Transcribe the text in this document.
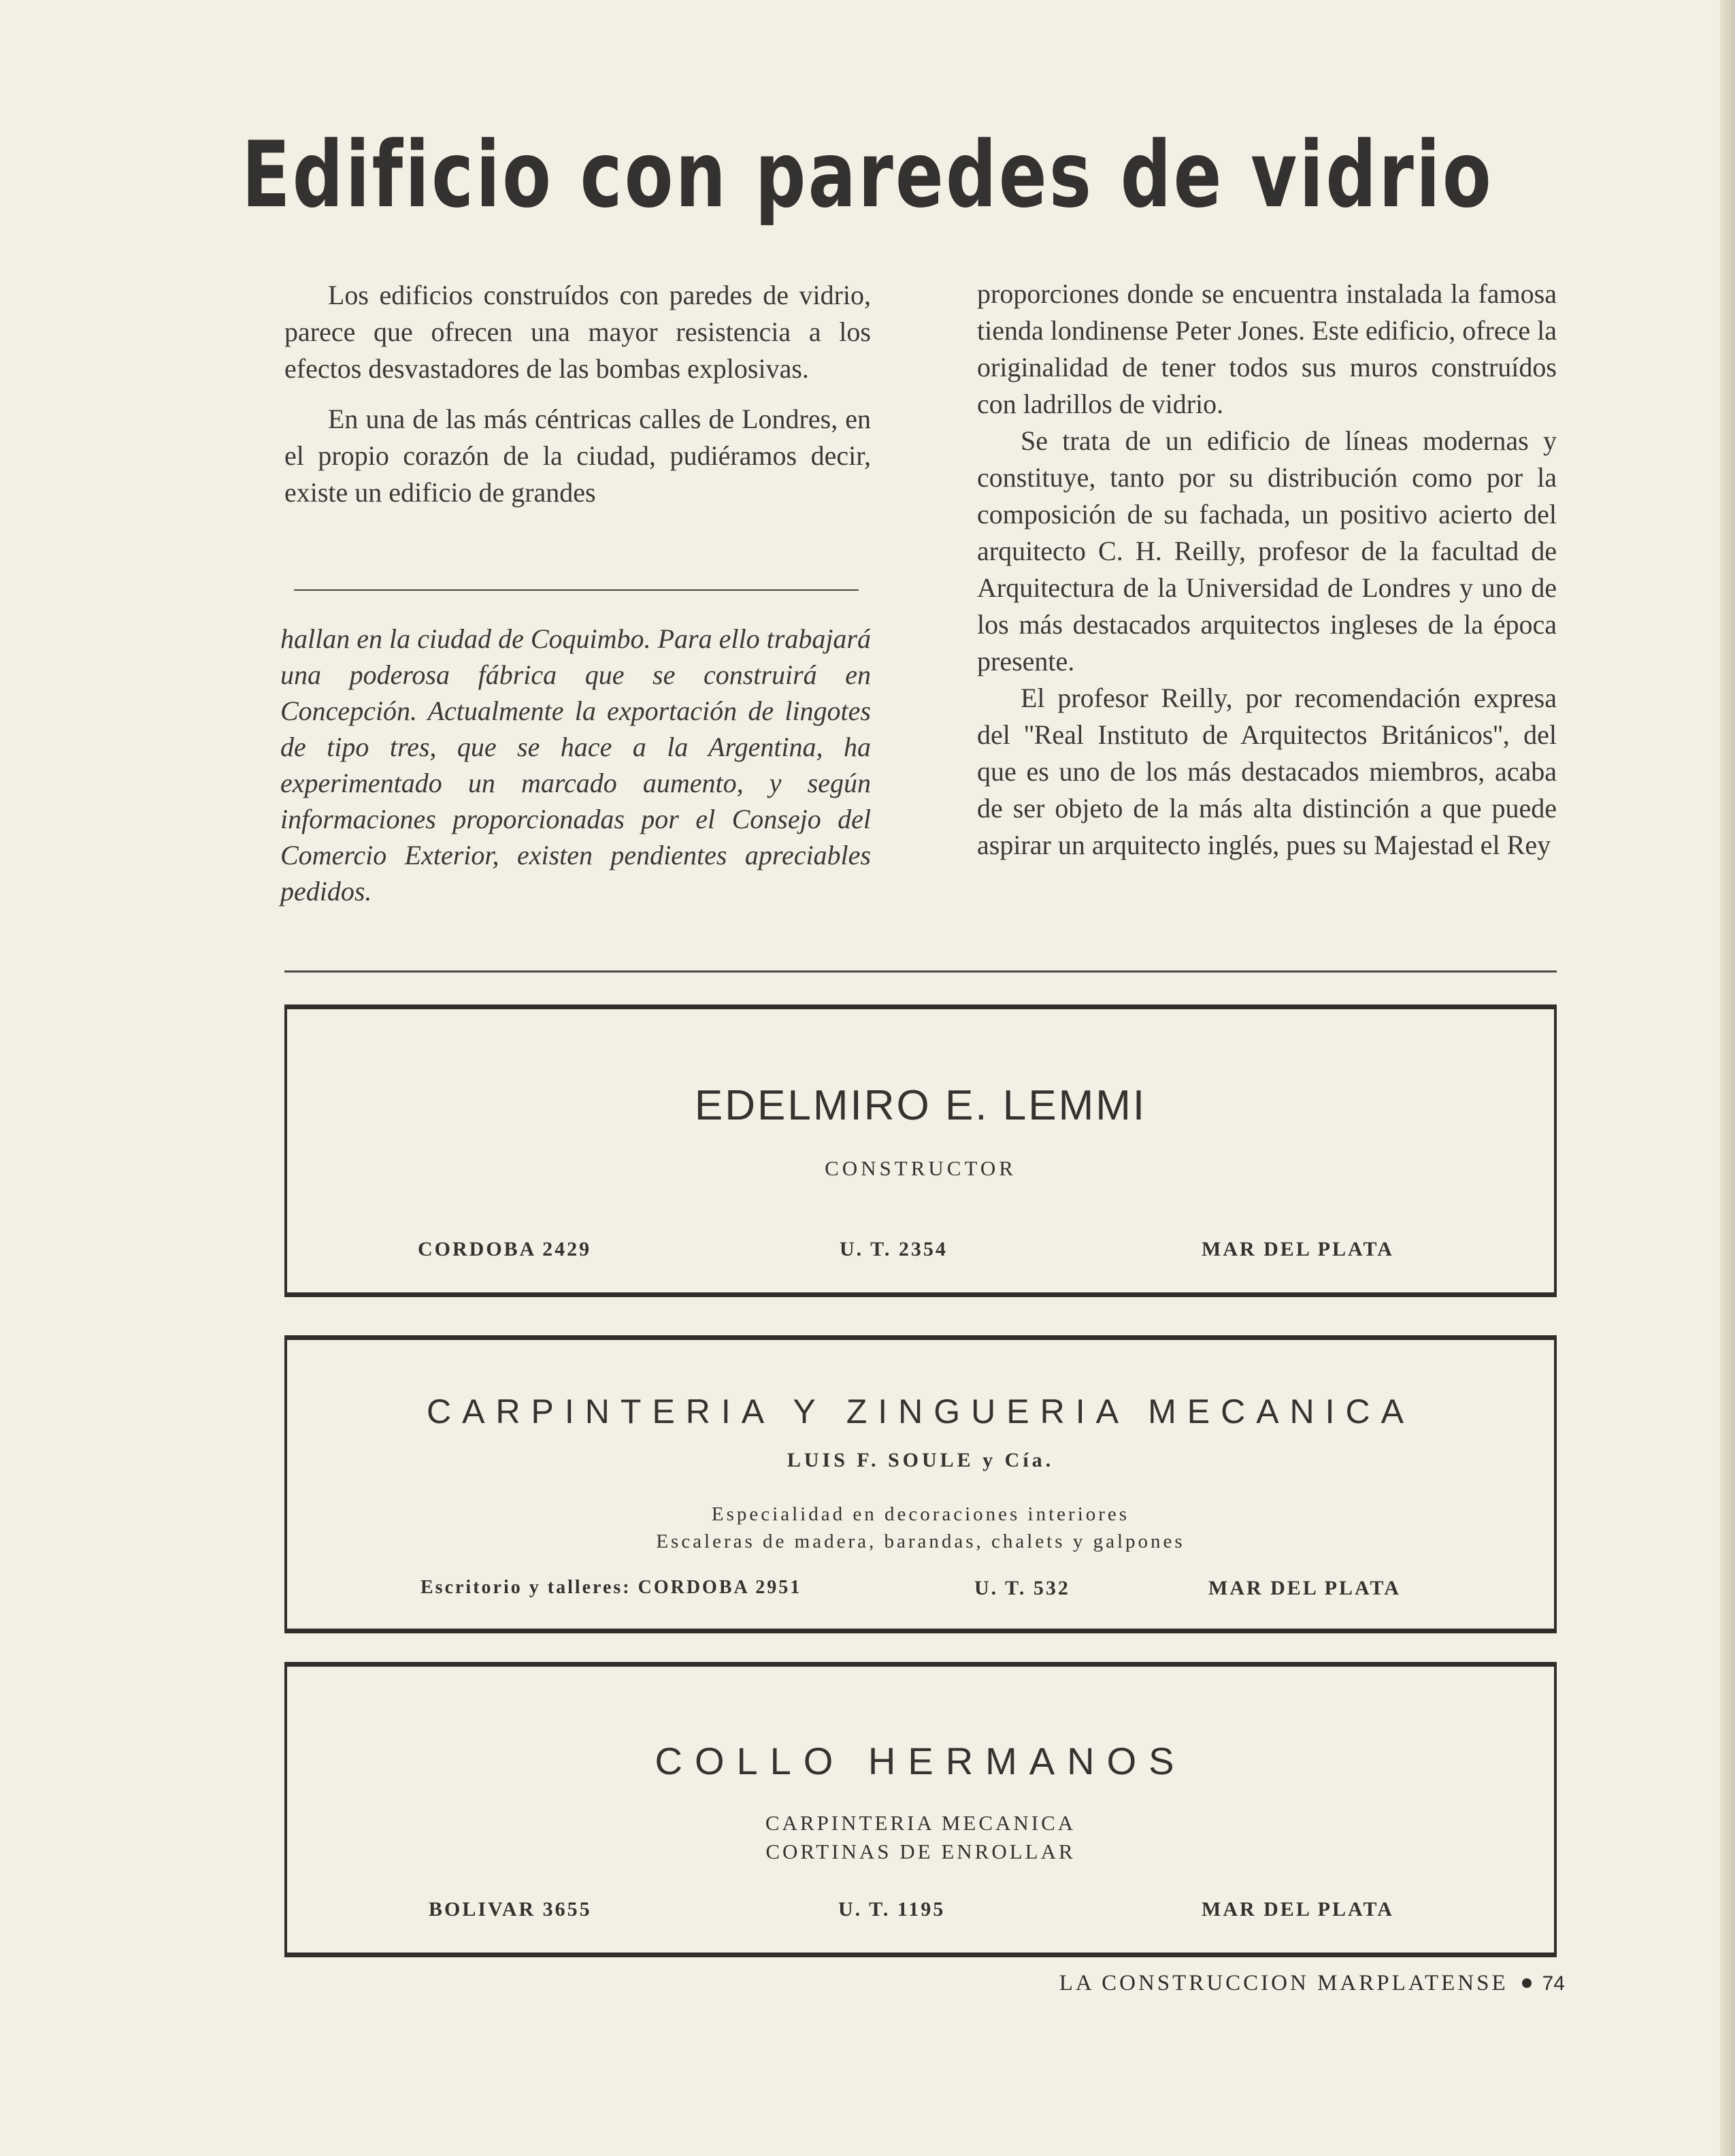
Edificio con paredes de vidrio

Los edificios construídos con paredes de vidrio, parece que ofrecen una mayor resistencia a los efectos desvastadores de las bombas explosivas.

En una de las más céntricas calles de Londres, en el propio corazón de la ciudad, pudiéramos decir, existe un edificio de grandes

hallan en la ciudad de Coquimbo. Para ello trabajará una poderosa fábrica que se construirá en Concepción. Actualmente la exportación de lingotes de tipo tres, que se hace a la Argentina, ha experimentado un marcado aumento, y según informaciones proporcionadas por el Consejo del Comercio Exterior, existen pendientes apreciables pedidos.

proporciones donde se encuentra instalada la famosa tienda londinense Peter Jones. Este edificio, ofrece la originalidad de tener todos sus muros construídos con ladrillos de vidrio.

Se trata de un edificio de líneas modernas y constituye, tanto por su distribución como por la composición de su fachada, un positivo acierto del arquitecto C. H. Reilly, profesor de la facultad de Arquitectura de la Universidad de Londres y uno de los más destacados arquitectos ingleses de la época presente.

El profesor Reilly, por recomendación expresa del ''Real Instituto de Arquitectos Británicos'', del que es uno de los más destacados miembros, acaba de ser objeto de la más alta distinción a que puede aspirar un arquitecto inglés, pues su Majestad el Rey

EDELMIRO E. LEMMI
CONSTRUCTOR
CORDOBA 2429	U. T. 2354	MAR DEL PLATA
CARPINTERIA Y ZINGUERIA MECANICA
LUIS F. SOULE y Cía.
Especialidad en decoraciones interiores
Escaleras de madera, barandas, chalets y galpones
Escritorio y talleres: CORDOBA 2951	U. T. 532	MAR DEL PLATA
COLLO HERMANOS
CARPINTERIA MECANICA
CORTINAS DE ENROLLAR
BOLIVAR 3655	U. T. 1195	MAR DEL PLATA
LA CONSTRUCCION MARPLATENSE 74
